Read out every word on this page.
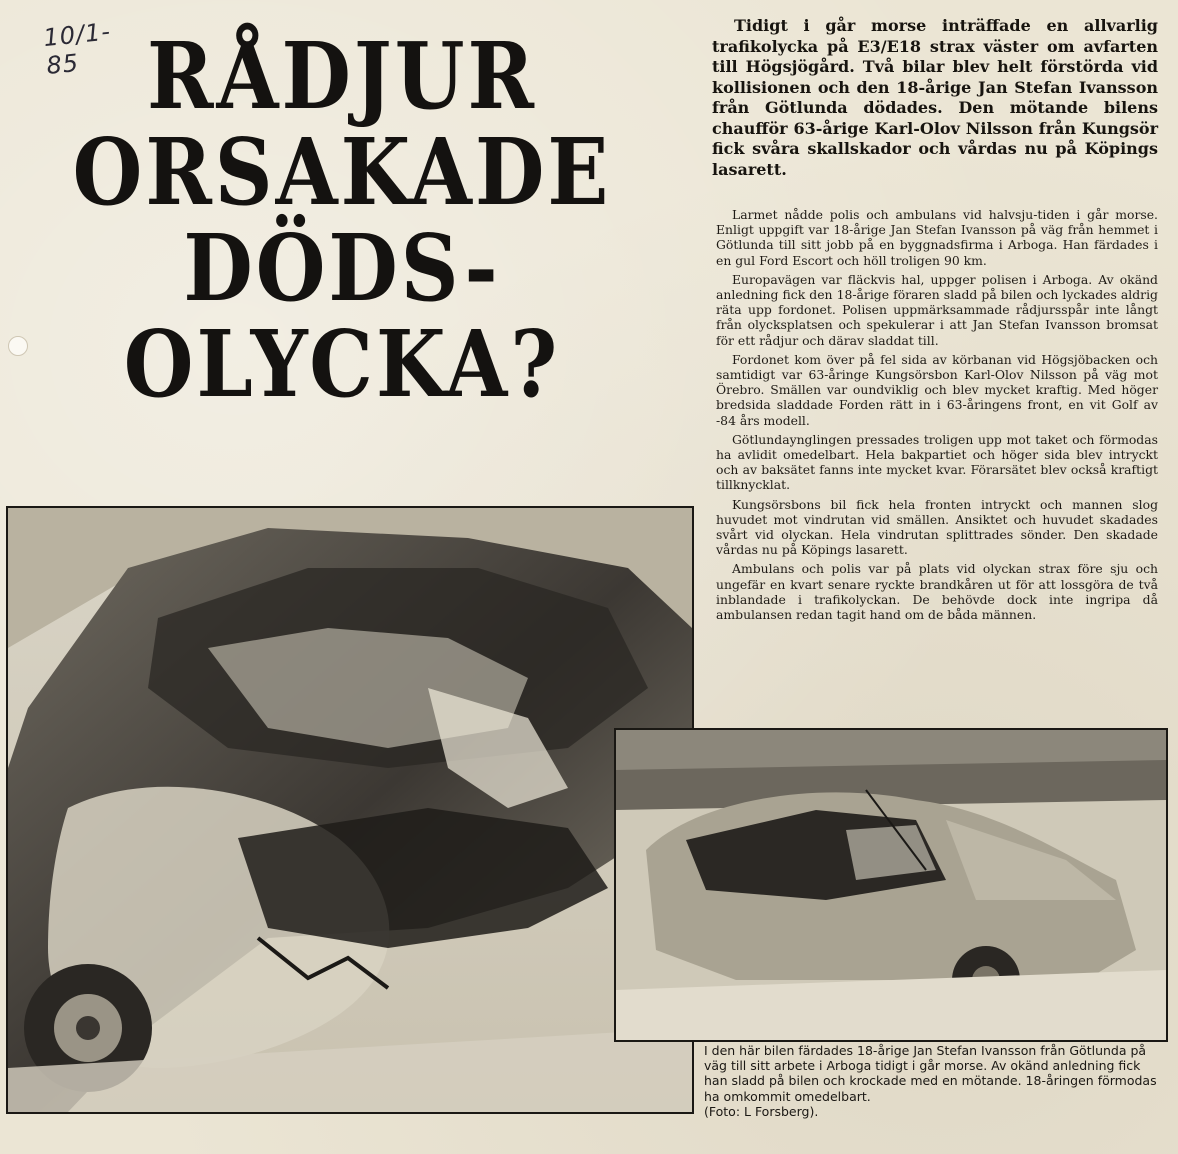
10/1-85 RÅDJUR
ORSAKADE
DÖDS-
OLYCKA?

Tidigt i går morse inträffade en allvarlig trafikolycka på E3/E18 strax väster om avfarten till Högsjögård. Två bilar blev helt förstörda vid kollisionen och den 18-årige Jan Stefan Ivansson från Götlunda dödades. Den mötande bilens chaufför 63-årige Karl-Olov Nilsson från Kungsör fick svåra skallskador och vårdas nu på Köpings lasarett.

Larmet nådde polis och ambulans vid halvsju-tiden i går morse. Enligt uppgift var 18-årige Jan Stefan Ivansson på väg från hemmet i Götlunda till sitt jobb på en byggnadsfirma i Arboga. Han färdades i en gul Ford Escort och höll troligen 90 km.

Europavägen var fläckvis hal, uppger polisen i Arboga. Av okänd anledning fick den 18-årige föraren sladd på bilen och lyckades aldrig räta upp fordonet. Polisen uppmärksammade rådjursspår inte långt från olycksplatsen och spekulerar i att Jan Stefan Ivansson bromsat för ett rådjur och därav sladdat till.

Fordonet kom över på fel sida av körbanan vid Högsjöbacken och samtidigt var 63-åringe Kungsörsbon Karl-Olov Nilsson på väg mot Örebro. Smällen var oundviklig och blev mycket kraftig. Med höger bredsida sladdade Forden rätt in i 63-åringens front, en vit Golf av -84 års modell.

Götlundaynglingen pressades troligen upp mot taket och förmodas ha avlidit omedelbart. Hela bakpartiet och höger sida blev intryckt och av baksätet fanns inte mycket kvar. Förarsätet blev också kraftigt tillknycklat.

Kungsörsbons bil fick hela fronten intryckt och mannen slog huvudet mot vindrutan vid smällen. Ansiktet och huvudet skadades svårt vid olyckan. Hela vindrutan splittrades sönder. Den skadade vårdas nu på Köpings lasarett.

Ambulans och polis var på plats vid olyckan strax före sju och ungefär en kvart senare ryckte brandkåren ut för att lossgöra de två inblandade i trafikolyckan. De behövde dock inte ingripa då ambulansen redan tagit hand om de båda männen.

I den här bilen färdades 18-årige Jan Stefan Ivansson från Götlunda på väg till sitt arbete i Arboga tidigt i går morse. Av okänd anledning fick han sladd på bilen och krockade med en mötande. 18-åringen förmodas ha omkommit omedelbart.
(Foto: L Forsberg).
